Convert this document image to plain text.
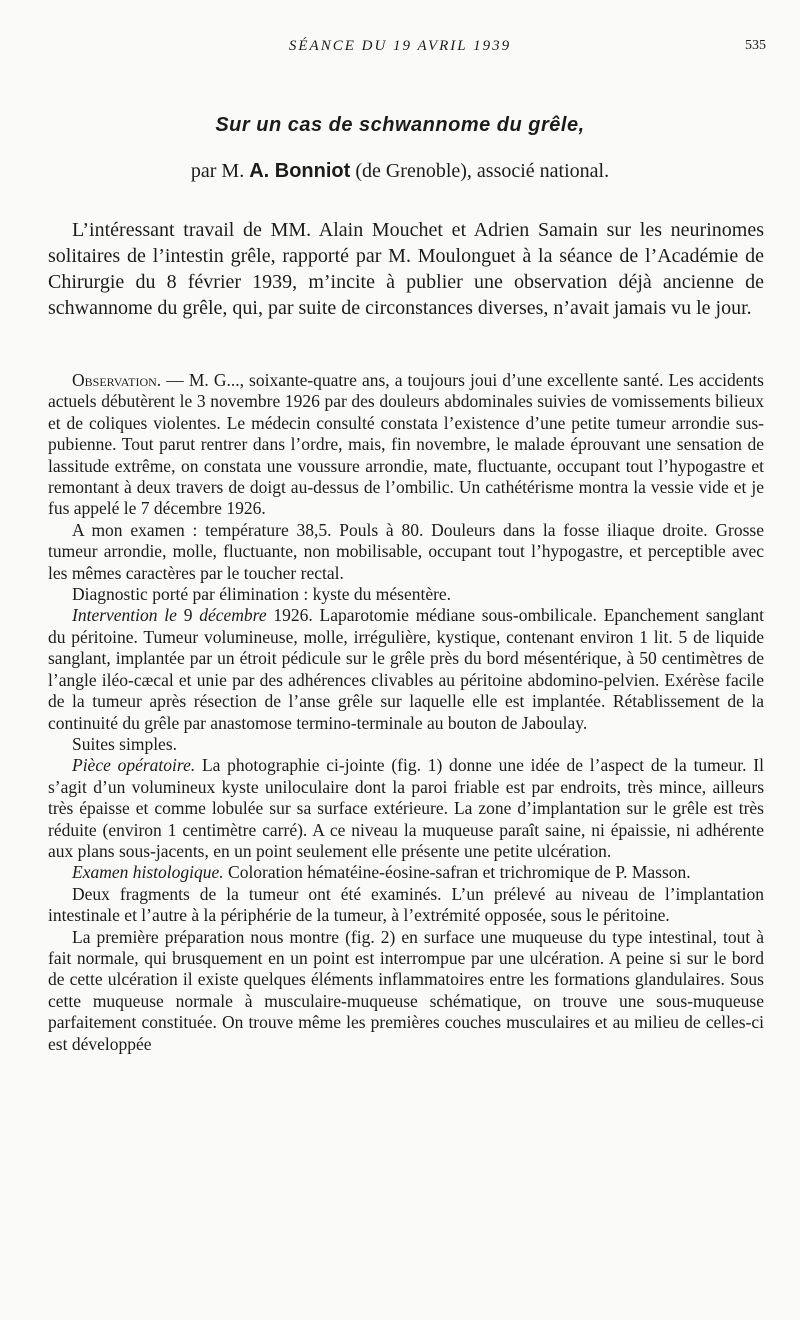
SÉANCE DU 19 AVRIL 1939	535
Sur un cas de schwannome du grêle,
par M. A. Bonniot (de Grenoble), associé national.

L’intéressant travail de MM. Alain Mouchet et Adrien Samain sur les neurinomes solitaires de l’intestin grêle, rapporté par M. Moulonguet à la séance de l’Académie de Chirurgie du 8 février 1939, m’incite à publier une observation déjà ancienne de schwannome du grêle, qui, par suite de circonstances diverses, n’avait jamais vu le jour.

Observation. — M. G..., soixante-quatre ans, a toujours joui d’une excellente santé. Les accidents actuels débutèrent le 3 novembre 1926 par des douleurs abdominales suivies de vomissements bilieux et de coliques violentes. Le médecin consulté constata l’existence d’une petite tumeur arrondie sus-pubienne. Tout parut rentrer dans l’ordre, mais, fin novembre, le malade éprouvant une sensation de lassitude extrême, on constata une voussure arrondie, mate, fluctuante, occupant tout l’hypogastre et remontant à deux travers de doigt au-dessus de l’ombilic. Un cathétérisme montra la vessie vide et je fus appelé le 7 décembre 1926.

A mon examen : température 38,5. Pouls à 80. Douleurs dans la fosse iliaque droite. Grosse tumeur arrondie, molle, fluctuante, non mobilisable, occupant tout l’hypogastre, et perceptible avec les mêmes caractères par le toucher rectal.

Diagnostic porté par élimination : kyste du mésentère.

Intervention le 9 décembre 1926. Laparotomie médiane sous-ombilicale. Epanchement sanglant du péritoine. Tumeur volumineuse, molle, irrégulière, kystique, contenant environ 1 lit. 5 de liquide sanglant, implantée par un étroit pédicule sur le grêle près du bord mésentérique, à 50 centimètres de l’angle iléo-cæcal et unie par des adhérences clivables au péritoine abdomino-pelvien. Exérèse facile de la tumeur après résection de l’anse grêle sur laquelle elle est implantée. Rétablissement de la continuité du grêle par anastomose termino-terminale au bouton de Jaboulay.

Suites simples.

Pièce opératoire. La photographie ci-jointe (fig. 1) donne une idée de l’aspect de la tumeur. Il s’agit d’un volumineux kyste uniloculaire dont la paroi friable est par endroits, très mince, ailleurs très épaisse et comme lobulée sur sa surface extérieure. La zone d’implantation sur le grêle est très réduite (environ 1 centimètre carré). A ce niveau la muqueuse paraît saine, ni épaissie, ni adhérente aux plans sous-jacents, en un point seulement elle présente une petite ulcération.

Examen histologique. Coloration hématéine-éosine-safran et trichromique de P. Masson.

Deux fragments de la tumeur ont été examinés. L’un prélevé au niveau de l’implantation intestinale et l’autre à la périphérie de la tumeur, à l’extrémité opposée, sous le péritoine.

La première préparation nous montre (fig. 2) en surface une muqueuse du type intestinal, tout à fait normale, qui brusquement en un point est interrompue par une ulcération. A peine si sur le bord de cette ulcération il existe quelques éléments inflammatoires entre les formations glandulaires. Sous cette muqueuse normale à musculaire-muqueuse schématique, on trouve une sous-muqueuse parfaitement constituée. On trouve même les premières couches musculaires et au milieu de celles-ci est développée
